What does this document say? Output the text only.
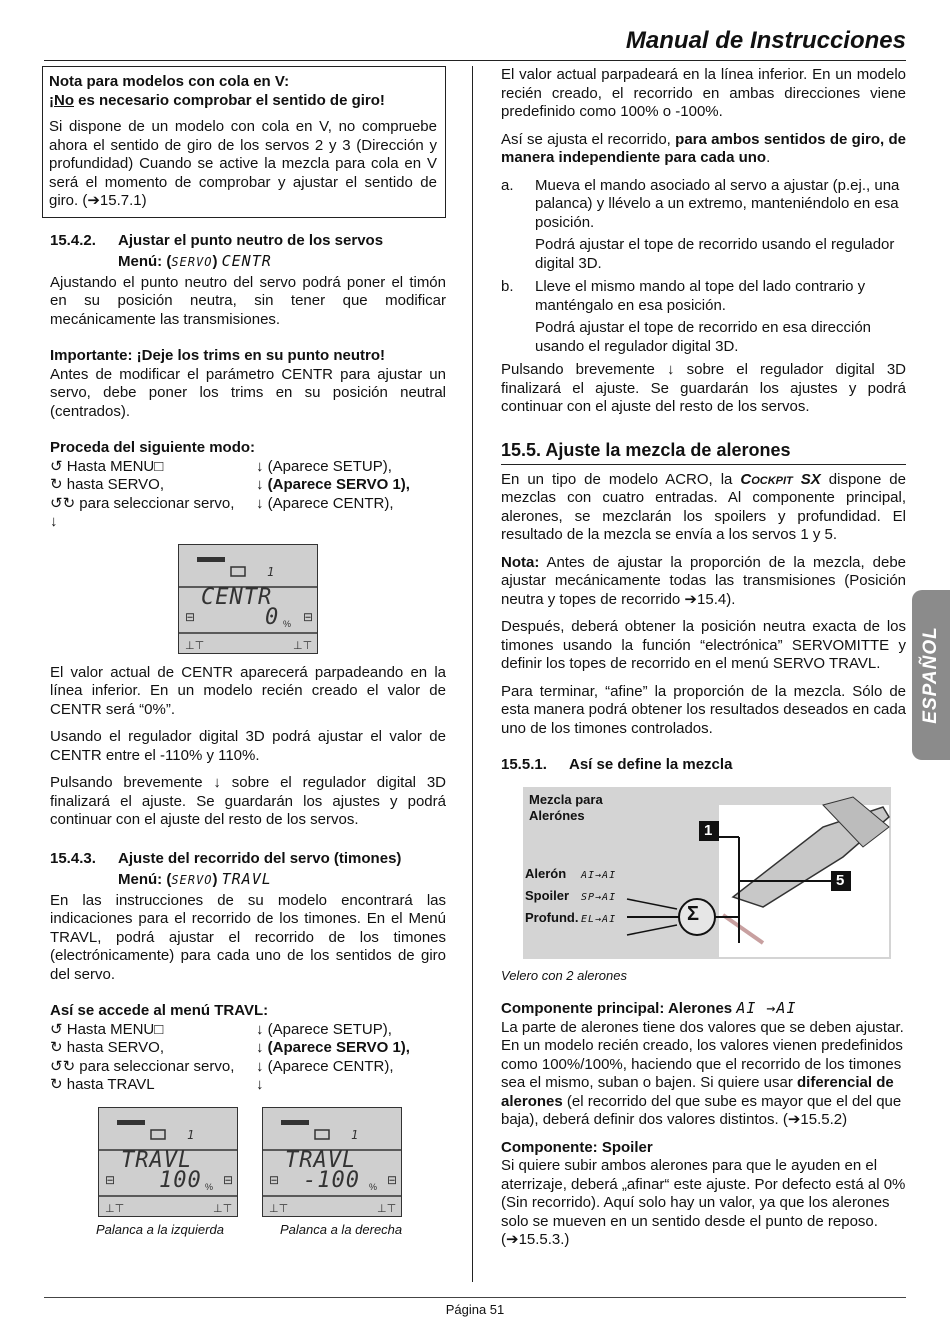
Manual de Instrucciones
ESPAÑOL
Nota para modelos con cola en V:
¡No es necesario comprobar el sentido de giro!

Si dispone de un modelo con cola en V, no compruebe ahora el sentido de giro de los servos 2 y 3 (Dirección y profundidad) Cuando se active la mezcla para cola en V será el momento de comprobar y ajustar el sentido de giro. (➔15.7.1)

15.4.2. Ajustar el punto neutro de los servos
Menú: (SERVO) CENTR

Ajustando el punto neutro del servo podrá poner el timón en su posición neutra, sin tener que modificar mecánicamente las transmisiones.

Importante: ¡Deje los trims en su punto neutro!

Antes de modificar el parámetro CENTR para ajustar un servo, debe poner los trims en su posición neutral (centrados).

Proceda del siguiente modo:
↺ Hasta MENU□	↓ (Aparece SETUP),
↻ hasta SERVO,	↓ (Aparece SERVO 1),
↺↻ para seleccionar servo,	↓ (Aparece CENTR),
↓
⊟	⊟
⊥⊤	⊥⊤
1
CENTR
0 %

El valor actual de CENTR aparecerá parpadeando en la línea inferior. En un modelo recién creado el valor de CENTR será “0%”.

Usando el regulador digital 3D podrá ajustar el valor de CENTR entre el -110% y 110%.

Pulsando brevemente ↓ sobre el regulador digital 3D finalizará el ajuste. Se guardarán los ajustes y podrá continuar con el ajuste del resto de los servos.

15.4.3. Ajuste del recorrido del servo (timones)
Menú: (SERVO) TRAVL

En las instrucciones de su modelo encontrará las indicaciones para el recorrido de los timones. En el Menú TRAVL, podrá ajustar el recorrido de los timones (electrónicamente) para cada uno de los sentidos de giro del servo.

Así se accede al menú TRAVL:
↺ Hasta MENU□	↓ (Aparece SETUP),
↻ hasta SERVO,	↓ (Aparece SERVO 1),
↺↻ para seleccionar servo,	↓ (Aparece CENTR),
↻ hasta TRAVL	↓
⊟	⊟
⊥⊤	⊥⊤
1
TRAVL
100 %	⊟	⊟
⊥⊤	⊥⊤
1
TRAVL
-100 %
Palanca a la izquierda	Palanca a la derecha

El valor actual parpadeará en la línea inferior. En un modelo recién creado, el recorrido en ambas direcciones viene predefinido como 100% o -100%.

Así se ajusta el recorrido, para ambos sentidos de giro, de manera independiente para cada uno.

a.	Mueva el mando asociado al servo a ajustar (p.ej., una palanca) y llévelo a un extremo, manteniéndolo en esa posición.
Podrá ajustar el tope de recorrido usando el regulador digital 3D.
b.	Lleve el mismo mando al tope del lado contrario y manténgalo en esa posición.
Podrá ajustar el tope de recorrido en esa dirección usando el regulador digital 3D.

Pulsando brevemente ↓ sobre el regulador digital 3D finalizará el ajuste. Se guardarán los ajustes y podrá continuar con el ajuste del resto de los servos.

15.5. Ajuste la mezcla de alerones

En un tipo de modelo ACRO, la Cockpit SX dispone de mezclas con cuatro entradas. Al componente principal, alerones, se mezclarán los spoilers y profundidad. El resultado de la mezcla se envía a los servos 1 y 5.

Nota: Antes de ajustar la proporción de la mezcla, debe ajustar mecánicamente todas las transmisiones (Posición neutra y topes de recorrido ➔15.4).

Después, deberá obtener la posición neutra exacta de los timones usando la función “electrónica” SERVOMITTE y definir los topes de recorrido en el menú SERVO TRAVL.

Para terminar, “afine” la proporción de la mezcla. Sólo de esta manera podrá obtener los resultados deseados en cada uno de los timones controlados.

15.5.1. Así se define la mezcla
Mezcla para
Alerónes
Alerón AI→AI
Spoiler SP→AI
Profund. EL→AI	Σ
1
5
Velero con 2 alerones
Componente principal: Alerones AI →AI

La parte de alerones tiene dos valores que se deben ajustar. En un modelo recién creado, los valores vienen predefinidos como 100%/100%, haciendo que el recorrido de los timones sea el mismo, suban o bajen. Si quiere usar diferencial de alerones (el recorrido del que sube es mayor que el del que baja), deberá definir dos valores distintos. (➔15.5.2)

Componente: Spoiler

Si quiere subir ambos alerones para que le ayuden en el aterrizaje, deberá „afinar“ este ajuste. Por defecto está al 0% (Sin recorrido). Aquí solo hay un valor, ya que los alerones solo se mueven en un sentido desde el punto de reposo. (➔15.5.3.)

Página 51
